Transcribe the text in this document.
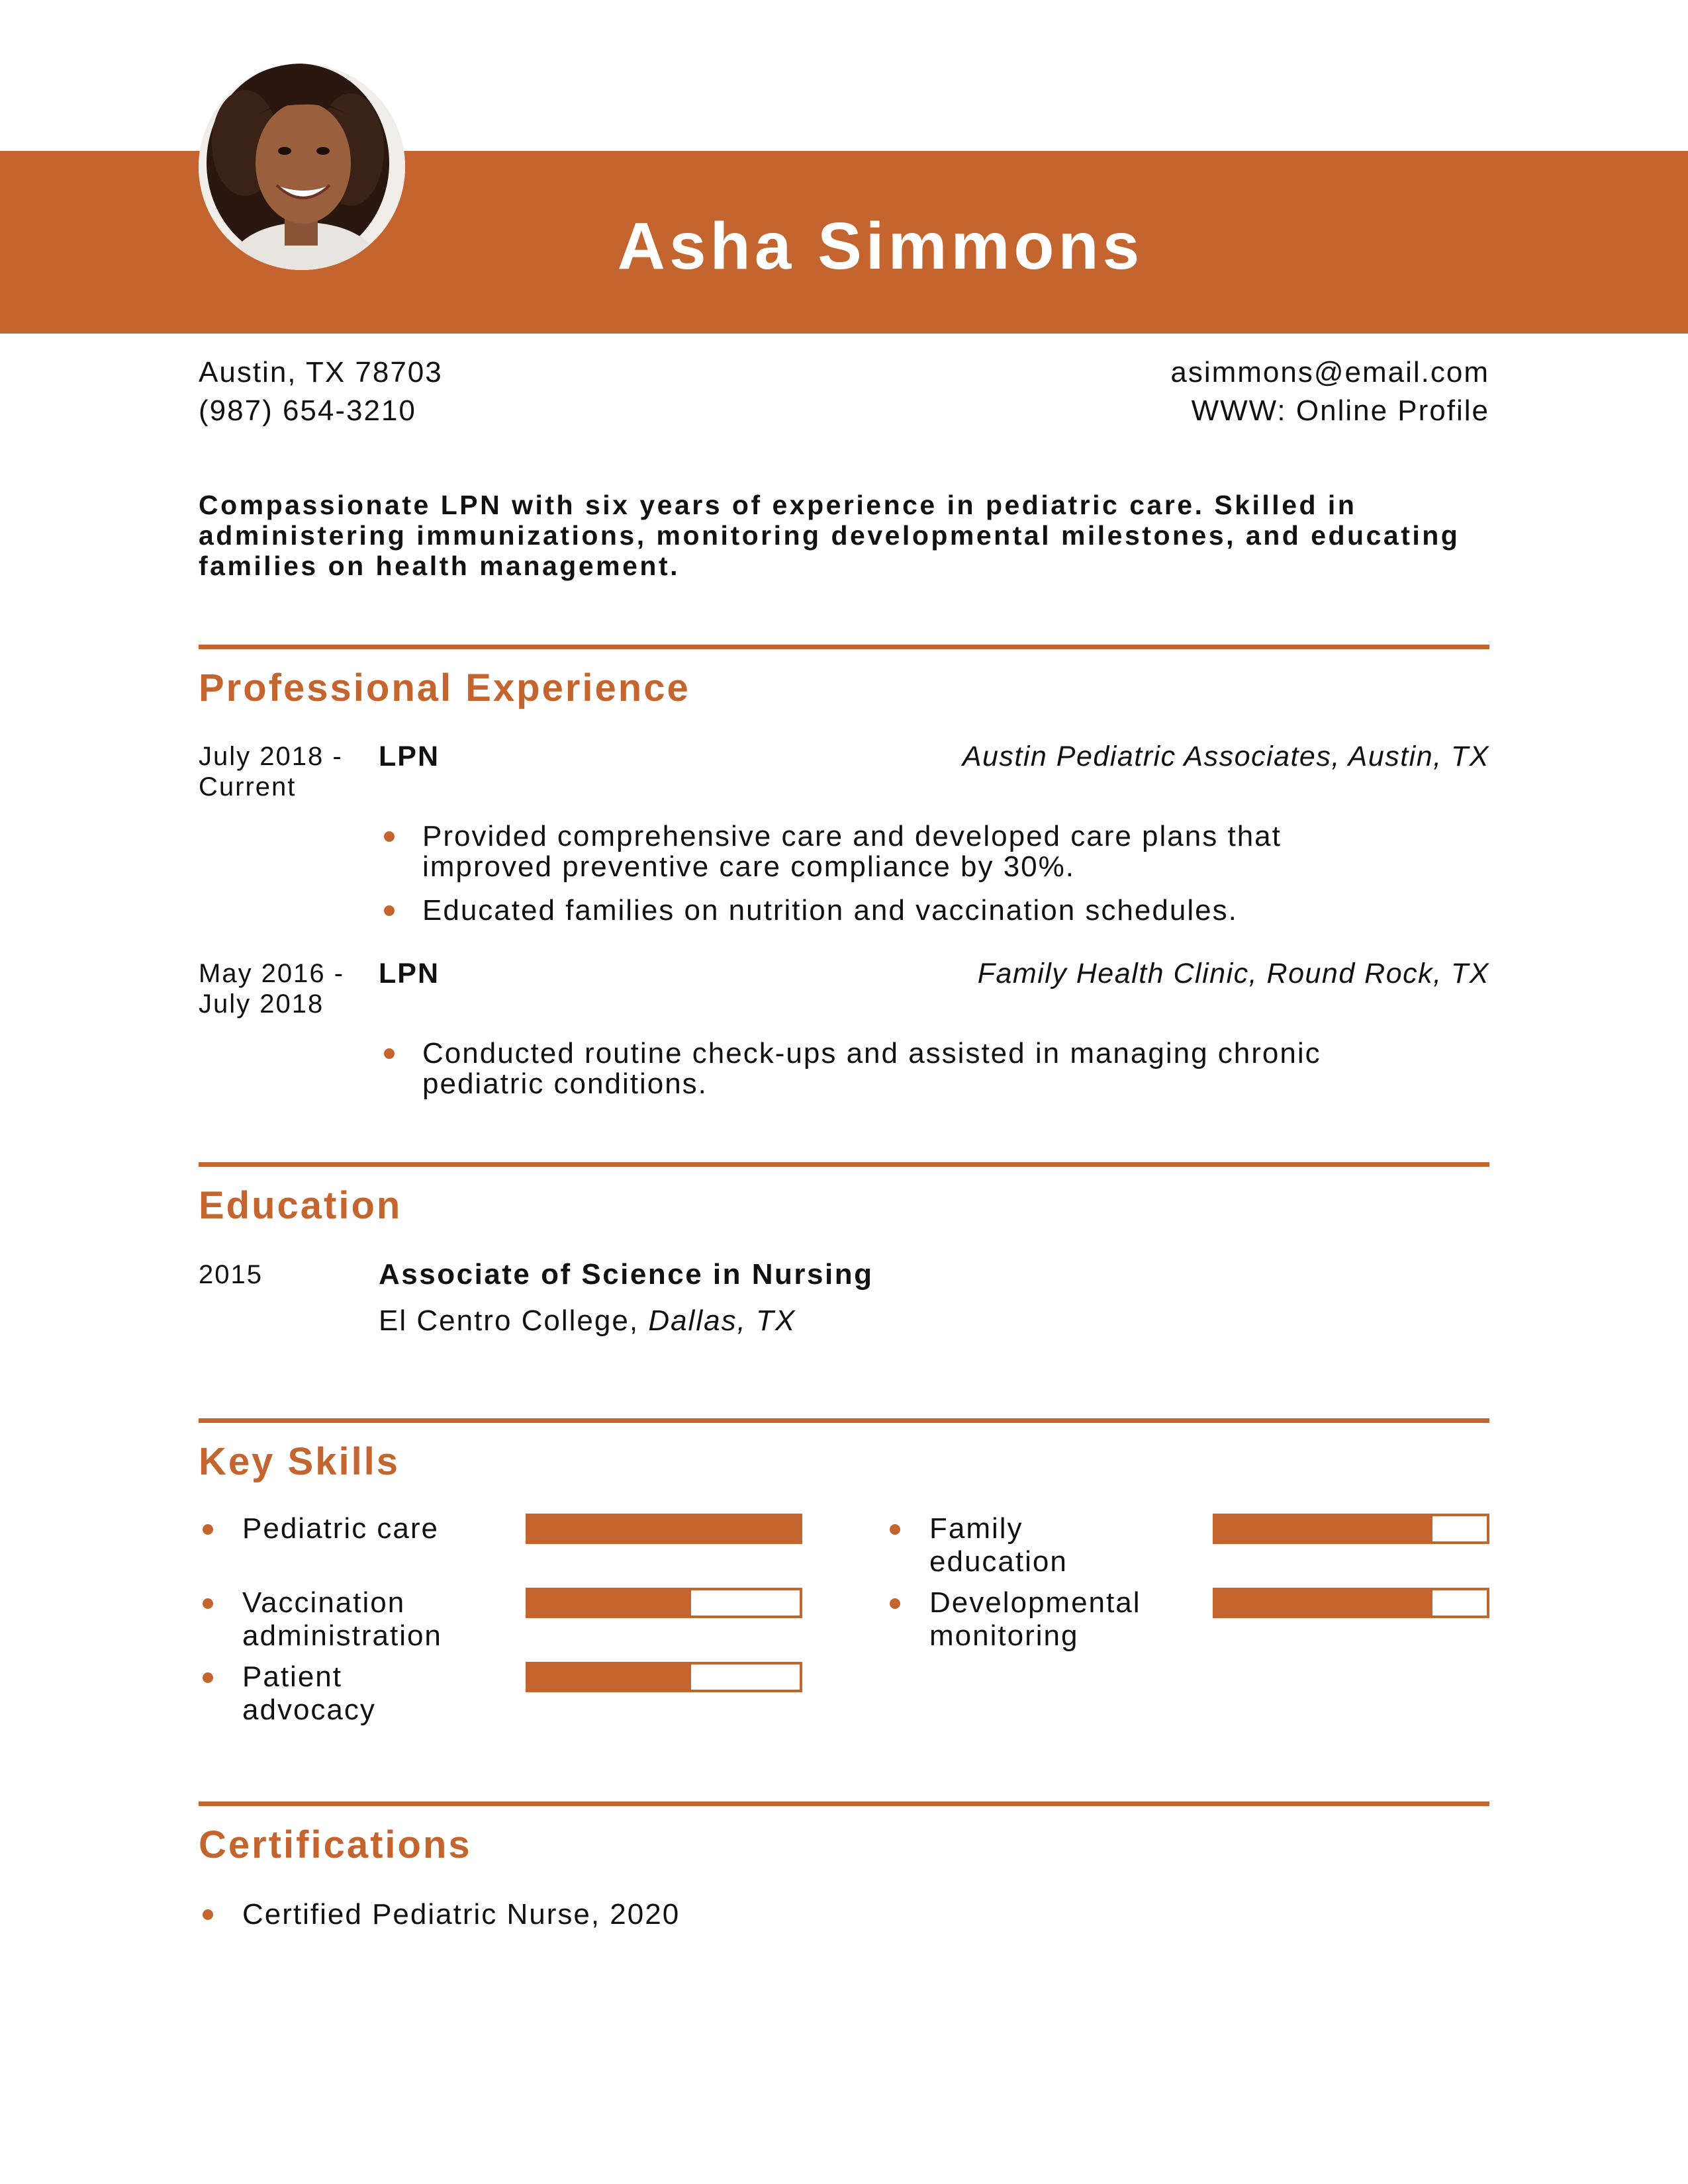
Asha Simmons
Austin, TX 78703
(987) 654-3210
asimmons@email.com
WWW: Online Profile
Compassionate LPN with six years of experience in pediatric care. Skilled in administering immunizations, monitoring developmental milestones, and educating families on health management.
Professional Experience
July 2018 - Current
LPN	Austin Pediatric Associates, Austin, TX
Provided comprehensive care and developed care plans that improved preventive care compliance by 30%.
Educated families on nutrition and vaccination schedules.
May 2016 - July 2018
LPN	Family Health Clinic, Round Rock, TX
Conducted routine check-ups and assisted in managing chronic pediatric conditions.
Education
2015	Associate of Science in Nursing
El Centro College, Dallas, TX
Key Skills
Pediatric care
Vaccination administration
Patient advocacy
Family education
Developmental monitoring
Certifications
Certified Pediatric Nurse, 2020
